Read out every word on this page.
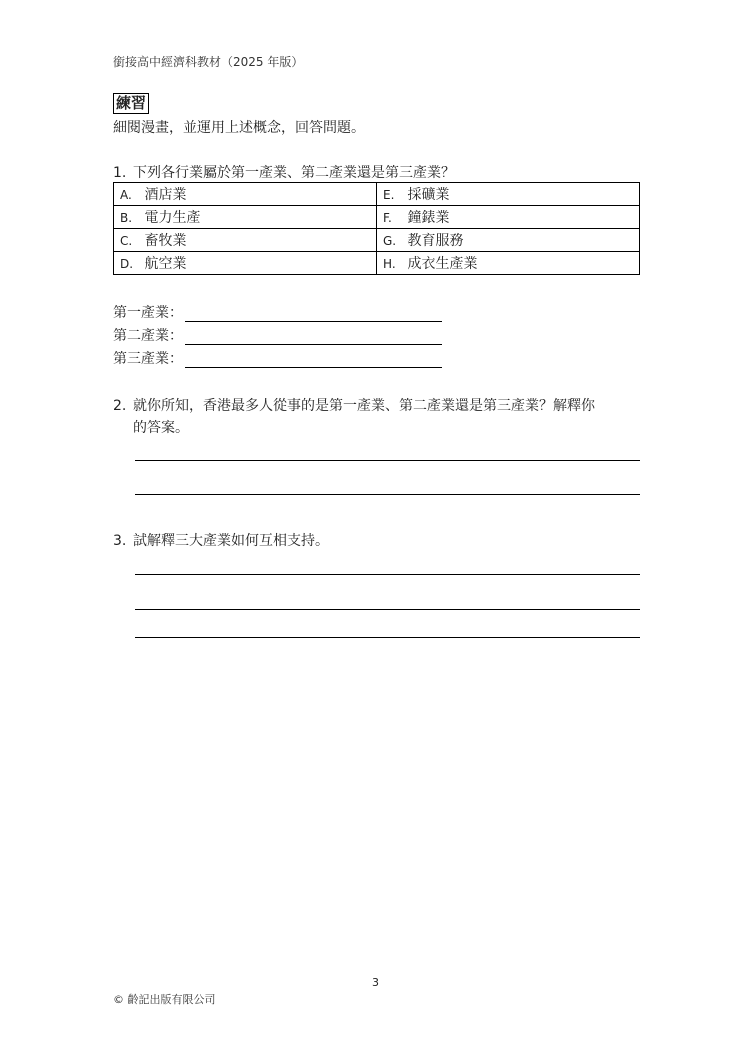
銜接高中經濟科教材（2025 年版）
練習
細閱漫畫，並運用上述概念，回答問題。
1. 下列各行業屬於第一產業、第二產業還是第三產業？
A. 酒店業	E. 採礦業
B. 電力生產	F. 鐘錶業
C. 畜牧業	G. 教育服務
D. 航空業	H. 成衣生產業
第一產業：
第二產業：
第三產業：
2. 就你所知，香港最多人從事的是第一產業、第二產業還是第三產業？解釋你
的答案。
3. 試解釋三大產業如何互相支持。
3
© 齡記出版有限公司
